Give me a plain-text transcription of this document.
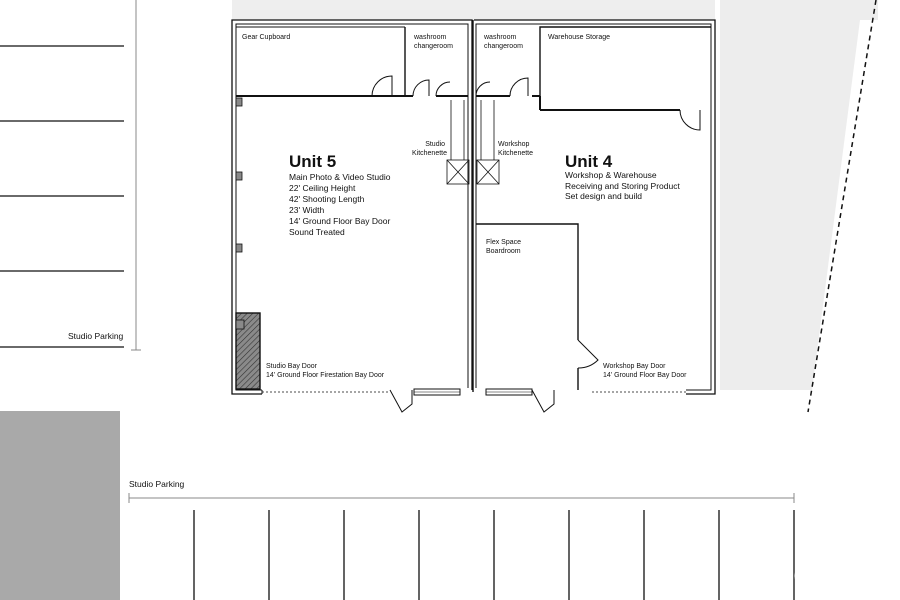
Studio Parking
Studio Parking
Gear Cupboard	washroom changeroom
washroom changeroom
Warehouse Storage
Studio Kitchenette
Workshop Kitchenette
Flex Space Boardroom
Studio Bay Door 14' Ground Floor Firestation Bay Door
Workshop Bay Door 14' Ground Floor Bay Door
Unit 5
Main Photo & Video Studio 22' Ceiling Height 42' Shooting Length 23' Width 14' Ground Floor Bay Door Sound Treated
Unit 4
Workshop & Warehouse Receiving and Storing Product Set design and build
tagvenue
